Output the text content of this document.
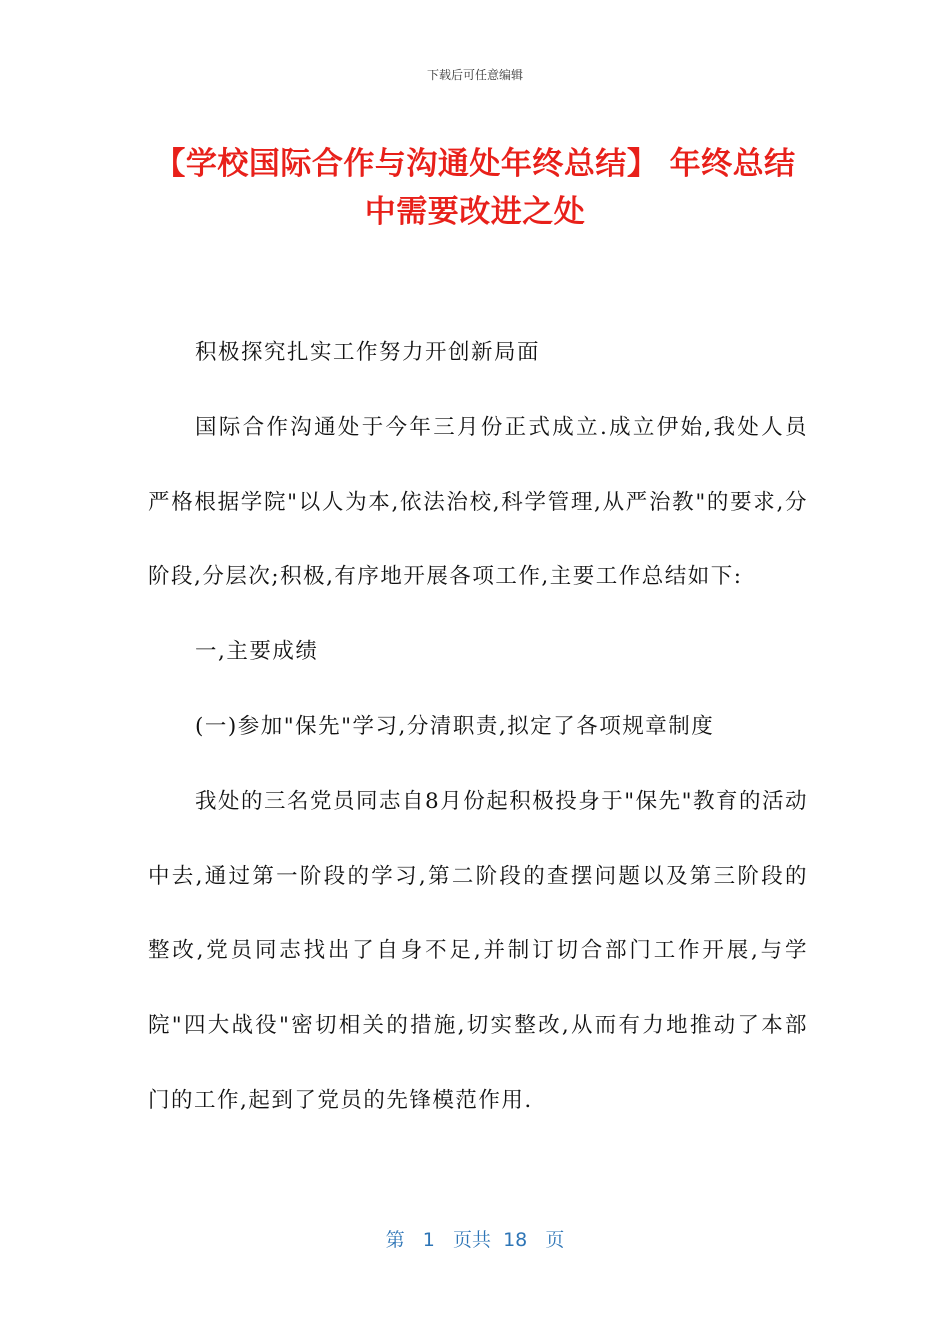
下载后可任意编辑
【学校国际合作与沟通处年终总结】 年终总结中需要改进之处

积极探究扎实工作努力开创新局面

国际合作沟通处于今年三月份正式成立.成立伊始,我处人员严格根据学院"以人为本,依法治校,科学管理,从严治教"的要求,分阶段,分层次;积极,有序地开展各项工作,主要工作总结如下:

一,主要成绩

(一)参加"保先"学习,分清职责,拟定了各项规章制度

我处的三名党员同志自8月份起积极投身于"保先"教育的活动中去,通过第一阶段的学习,第二阶段的查摆问题以及第三阶段的整改,党员同志找出了自身不足,并制订切合部门工作开展,与学院"四大战役"密切相关的措施,切实整改,从而有力地推动了本部门的工作,起到了党员的先锋模范作用.

第 1 页共 18 页
